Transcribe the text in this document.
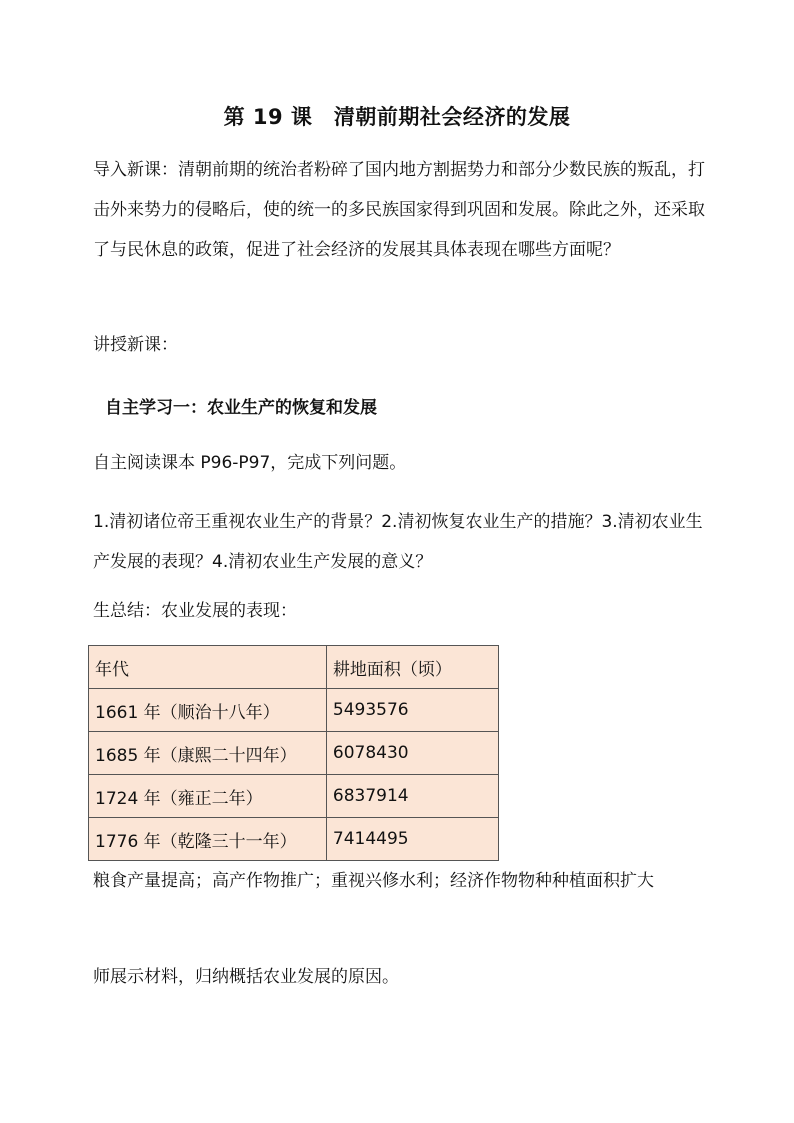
第 19 课　清朝前期社会经济的发展

导入新课：清朝前期的统治者粉碎了国内地方割据势力和部分少数民族的叛乱，打击外来势力的侵略后，使的统一的多民族国家得到巩固和发展。除此之外，还采取了与民休息的政策，促进了社会经济的发展其具体表现在哪些方面呢？

讲授新课：

自主学习一：农业生产的恢复和发展

自主阅读课本 P96-P97，完成下列问题。

1.清初诸位帝王重视农业生产的背景？2.清初恢复农业生产的措施？3.清初农业生产发展的表现？4.清初农业生产发展的意义？

生总结：农业发展的表现：

年代	耕地面积（顷）
1661 年（顺治十八年）	5493576
1685 年（康熙二十四年）	6078430
1724 年（雍正二年）	6837914
1776 年（乾隆三十一年）	7414495

粮食产量提高；高产作物推广；重视兴修水利；经济作物物种种植面积扩大

师展示材料，归纳概括农业发展的原因。
